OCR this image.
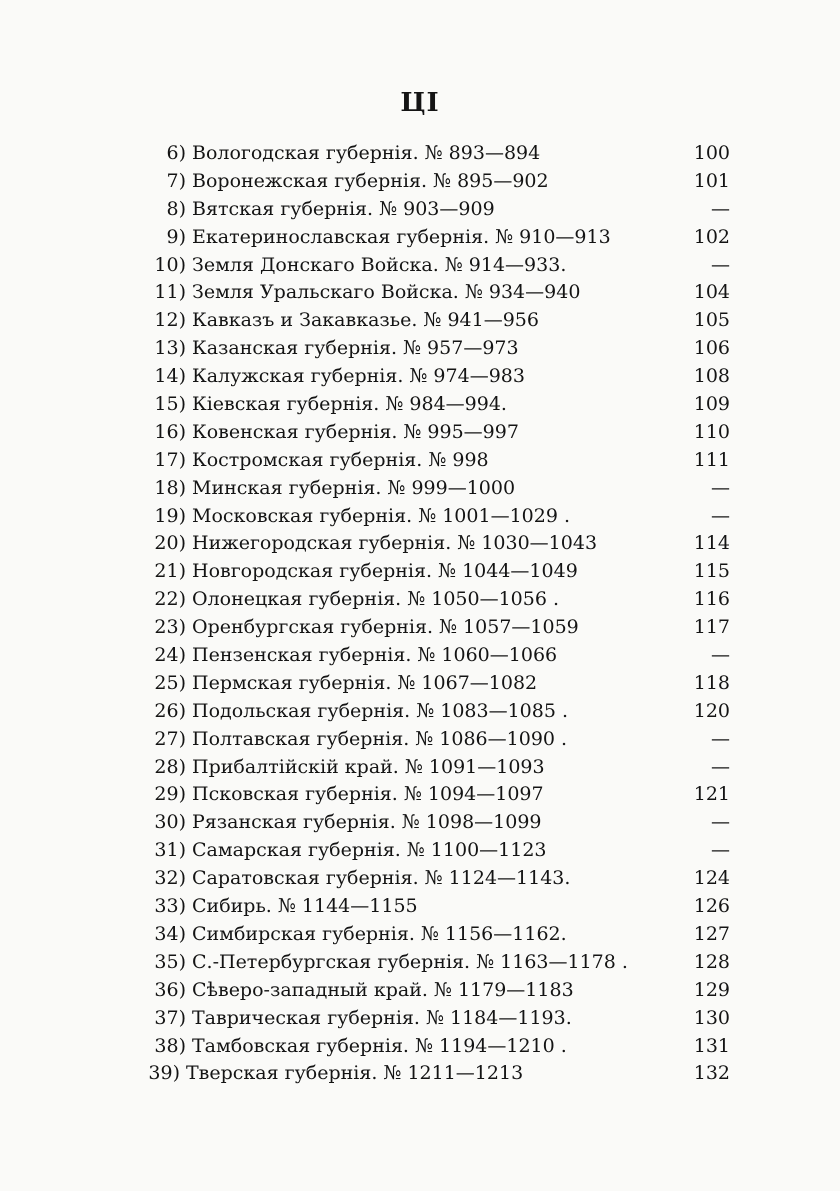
ЦI
6) Вологодская губернія. № 893—894	100
7) Воронежская губернія. № 895—902	101
8) Вятская губернія. № 903—909	—
9) Екатеринославская губернія. № 910—913	102
10) Земля Донскаго Войска. № 914—933.	—
11) Земля Уральскаго Войска. № 934—940	104
12) Кавказъ и Закавказье. № 941—956	105
13) Казанская губернія. № 957—973	106
14) Калужская губернія. № 974—983	108
15) Кіевская губернія. № 984—994.	109
16) Ковенская губернія. № 995—997	110
17) Костромская губернія. № 998	111
18) Минская губернія. № 999—1000	—
19) Московская губернія. № 1001—1029 .	—
20) Нижегородская губернія. № 1030—1043	114
21) Новгородская губернія. № 1044—1049	115
22) Олонецкая губернія. № 1050—1056 .	116
23) Оренбургская губернія. № 1057—1059	117
24) Пензенская губернія. № 1060—1066	—
25) Пермская губернія. № 1067—1082	118
26) Подольская губернія. № 1083—1085 .	120
27) Полтавская губернія. № 1086—1090 .	—
28) Прибалтійскій край. № 1091—1093	—
29) Псковская губернія. № 1094—1097	121
30) Рязанская губернія. № 1098—1099	—
31) Самарская губернія. № 1100—1123	—
32) Саратовская губернія. № 1124—1143.	124
33) Сибирь. № 1144—1155	126
34) Симбирская губернія. № 1156—1162.	127
35) С.-Петербургская губернія. № 1163—1178 .	128
36) Сѣверо-западный край. № 1179—1183	129
37) Таврическая губернія. № 1184—1193.	130
38) Тамбовская губернія. № 1194—1210 .	131
39) Тверская губернія. № 1211—1213	132
